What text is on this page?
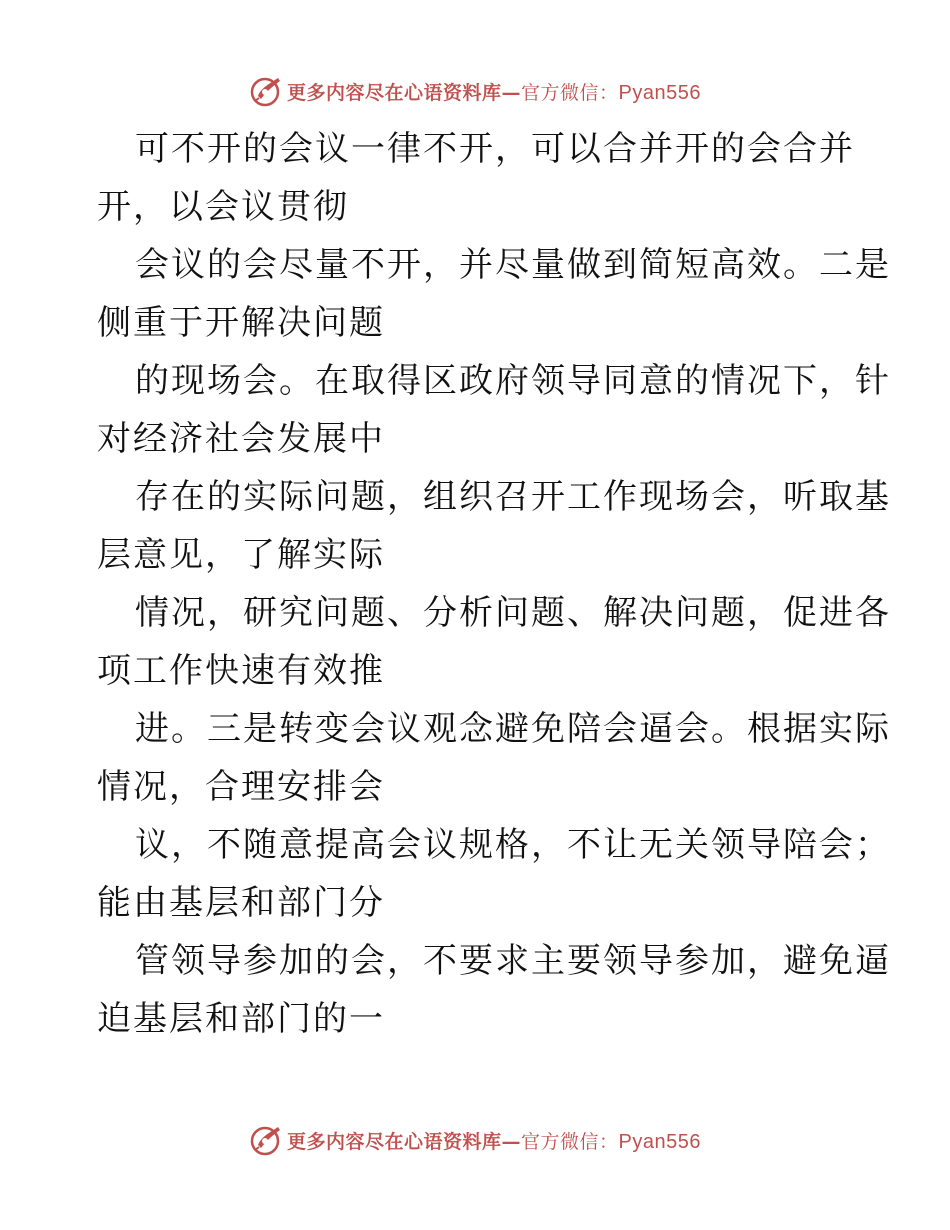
更多内容尽在心语资料库—官方微信：Pyan556
可不开的会议一律不开，可以合并开的会合并
开，以会议贯彻
会议的会尽量不开，并尽量做到简短高效。二是
侧重于开解决问题
的现场会。在取得区政府领导同意的情况下，针
对经济社会发展中
存在的实际问题，组织召开工作现场会，听取基
层意见，了解实际
情况，研究问题、分析问题、解决问题，促进各
项工作快速有效推
进。三是转变会议观念避免陪会逼会。根据实际
情况，合理安排会
议，不随意提高会议规格，不让无关领导陪会；
能由基层和部门分
管领导参加的会，不要求主要领导参加，避免逼
迫基层和部门的一
更多内容尽在心语资料库—官方微信：Pyan556
